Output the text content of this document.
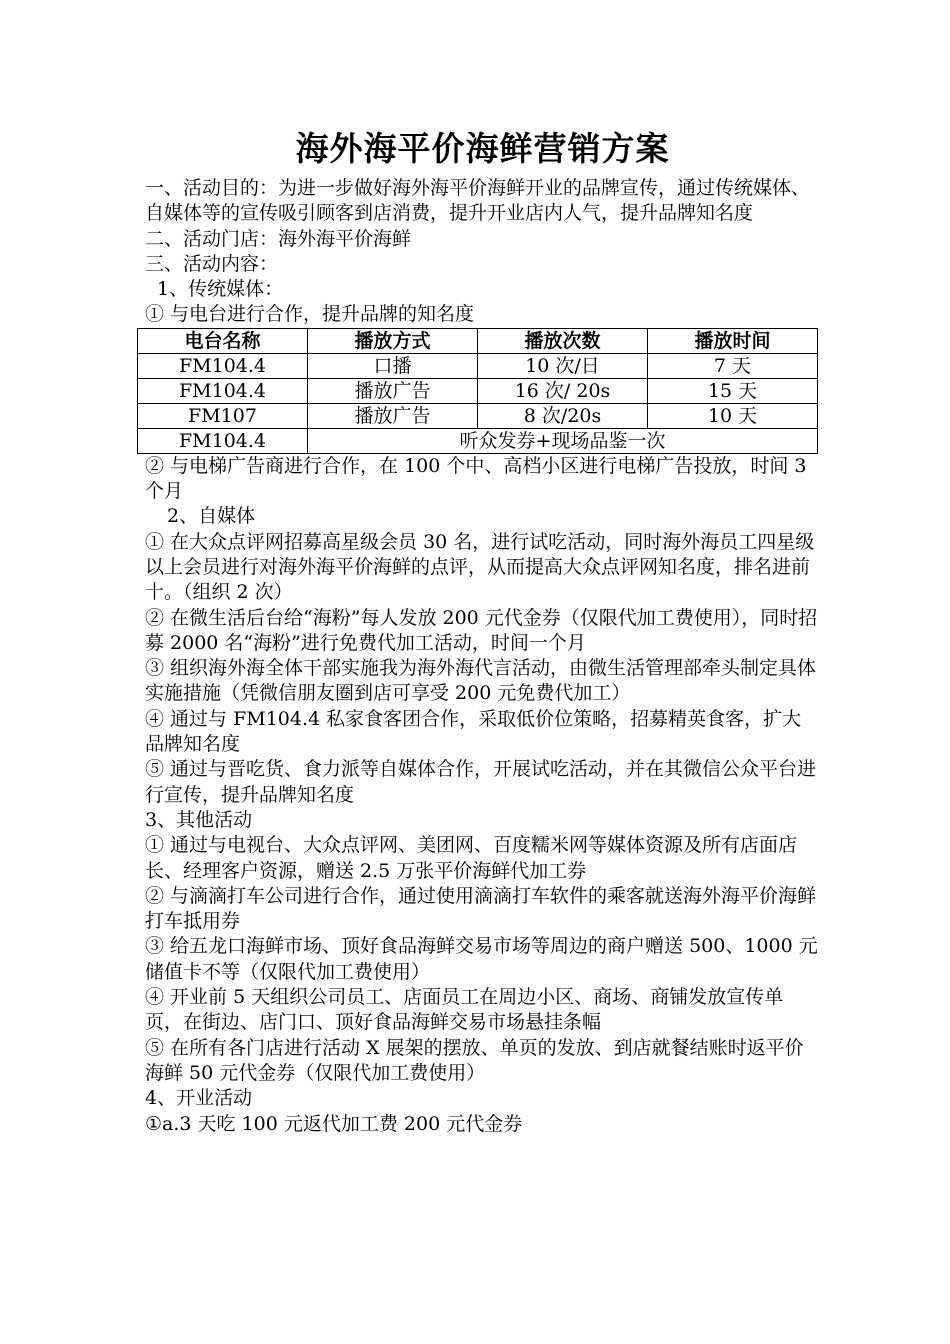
海外海平价海鲜营销方案

一、活动目的：为进一步做好海外海平价海鲜开业的品牌宣传，通过传统媒体、自媒体等的宣传吸引顾客到店消费，提升开业店内人气，提升品牌知名度

二、活动门店：海外海平价海鲜

三、活动内容：

1、传统媒体：

① 与电台进行合作，提升品牌的知名度

电台名称	播放方式	播放次数	播放时间
FM104.4	口播	10 次/日	7 天
FM104.4	播放广告	16 次/ 20s	15 天
FM107	播放广告	8 次/20s	10 天
FM104.4	听众发券+现场品鉴一次		

② 与电梯广告商进行合作，在 100 个中、高档小区进行电梯广告投放，时间 3 个月

2、自媒体

① 在大众点评网招募高星级会员 30 名，进行试吃活动，同时海外海员工四星级以上会员进行对海外海平价海鲜的点评，从而提高大众点评网知名度，排名进前十。（组织 2 次）

② 在微生活后台给“海粉”每人发放 200 元代金券（仅限代加工费使用），同时招募 2000 名“海粉”进行免费代加工活动，时间一个月

③ 组织海外海全体干部实施我为海外海代言活动，由微生活管理部牵头制定具体实施措施（凭微信朋友圈到店可享受 200 元免费代加工）

④ 通过与 FM104.4 私家食客团合作，采取低价位策略，招募精英食客，扩大品牌知名度

⑤ 通过与晋吃货、食力派等自媒体合作，开展试吃活动，并在其微信公众平台进行宣传，提升品牌知名度

3、其他活动

① 通过与电视台、大众点评网、美团网、百度糯米网等媒体资源及所有店面店长、经理客户资源，赠送 2.5 万张平价海鲜代加工券

② 与滴滴打车公司进行合作，通过使用滴滴打车软件的乘客就送海外海平价海鲜打车抵用券

③ 给五龙口海鲜市场、顶好食品海鲜交易市场等周边的商户赠送 500、1000 元储值卡不等（仅限代加工费使用）

④ 开业前 5 天组织公司员工、店面员工在周边小区、商场、商铺发放宣传单页，在街边、店门口、顶好食品海鲜交易市场悬挂条幅

⑤ 在所有各门店进行活动 X 展架的摆放、单页的发放、到店就餐结账时返平价海鲜 50 元代金券（仅限代加工费使用）

4、开业活动

①a.3 天吃 100 元返代加工费 200 元代金券
